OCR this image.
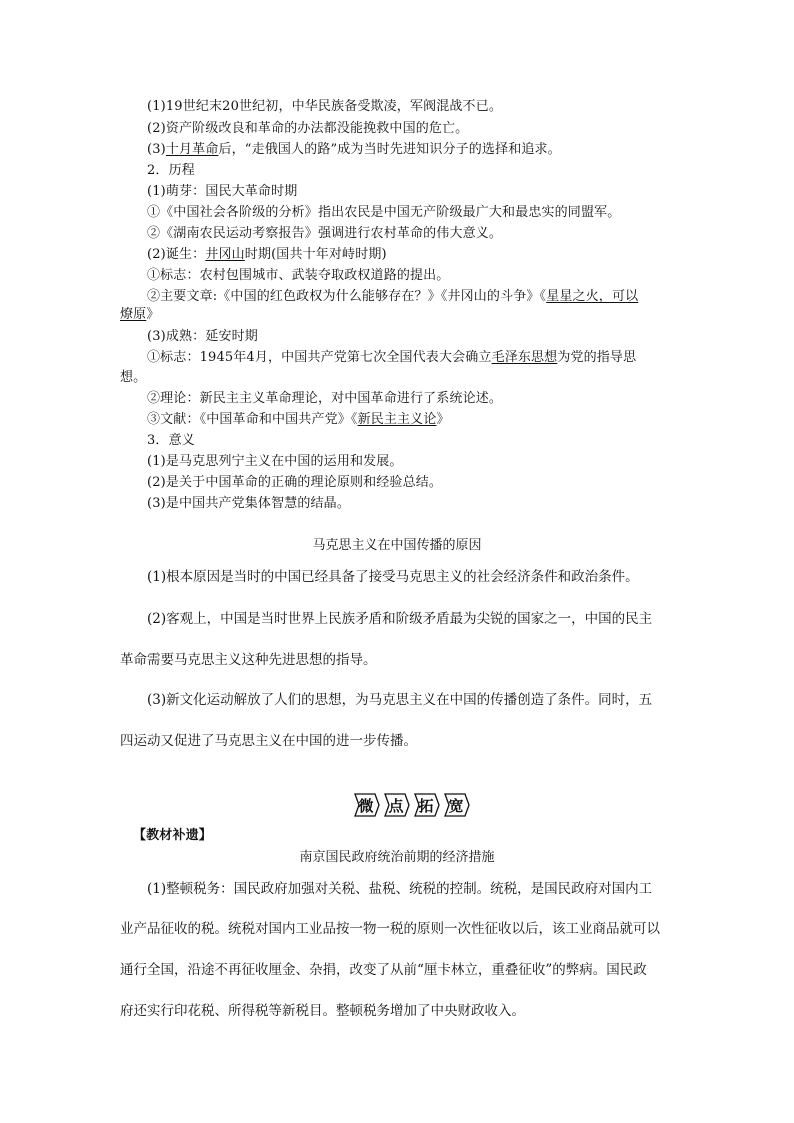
(1)19世纪末20世纪初，中华民族备受欺凌，军阀混战不已。
(2)资产阶级改良和革命的办法都没能挽救中国的危亡。
(3)十月革命后，“走俄国人的路”成为当时先进知识分子的选择和追求。
2．历程
(1)萌芽：国民大革命时期
①《中国社会各阶级的分析》指出农民是中国无产阶级最广大和最忠实的同盟军。
②《湖南农民运动考察报告》强调进行农村革命的伟大意义。
(2)诞生：井冈山时期(国共十年对峙时期)
①标志：农村包围城市、武装夺取政权道路的提出。
②主要文章:《中国的红色政权为什么能够存在？》《井冈山的斗争》《星星之火，可以
燎原》
(3)成熟：延安时期
①标志：1945年4月，中国共产党第七次全国代表大会确立毛泽东思想为党的指导思
想。
②理论：新民主主义革命理论，对中国革命进行了系统论述。
③文献：《中国革命和中国共产党》《新民主主义论》
3．意义
(1)是马克思列宁主义在中国的运用和发展。
(2)是关于中国革命的正确的理论原则和经验总结。
(3)是中国共产党集体智慧的结晶。
马克思主义在中国传播的原因
(1)根本原因是当时的中国已经具备了接受马克思主义的社会经济条件和政治条件。
(2)客观上，中国是当时世界上民族矛盾和阶级矛盾最为尖锐的国家之一，中国的民主
革命需要马克思主义这种先进思想的指导。
(3)新文化运动解放了人们的思想，为马克思主义在中国的传播创造了条件。同时，五
四运动又促进了马克思主义在中国的进一步传播。
微 点 拓 宽
【教材补遗】
南京国民政府统治前期的经济措施
(1)整顿税务：国民政府加强对关税、盐税、统税的控制。统税，是国民政府对国内工
业产品征收的税。统税对国内工业品按一物一税的原则一次性征收以后，该工业商品就可以
通行全国，沿途不再征收厘金、杂捐，改变了从前“厘卡林立，重叠征收”的弊病。国民政
府还实行印花税、所得税等新税目。整顿税务增加了中央财政收入。
